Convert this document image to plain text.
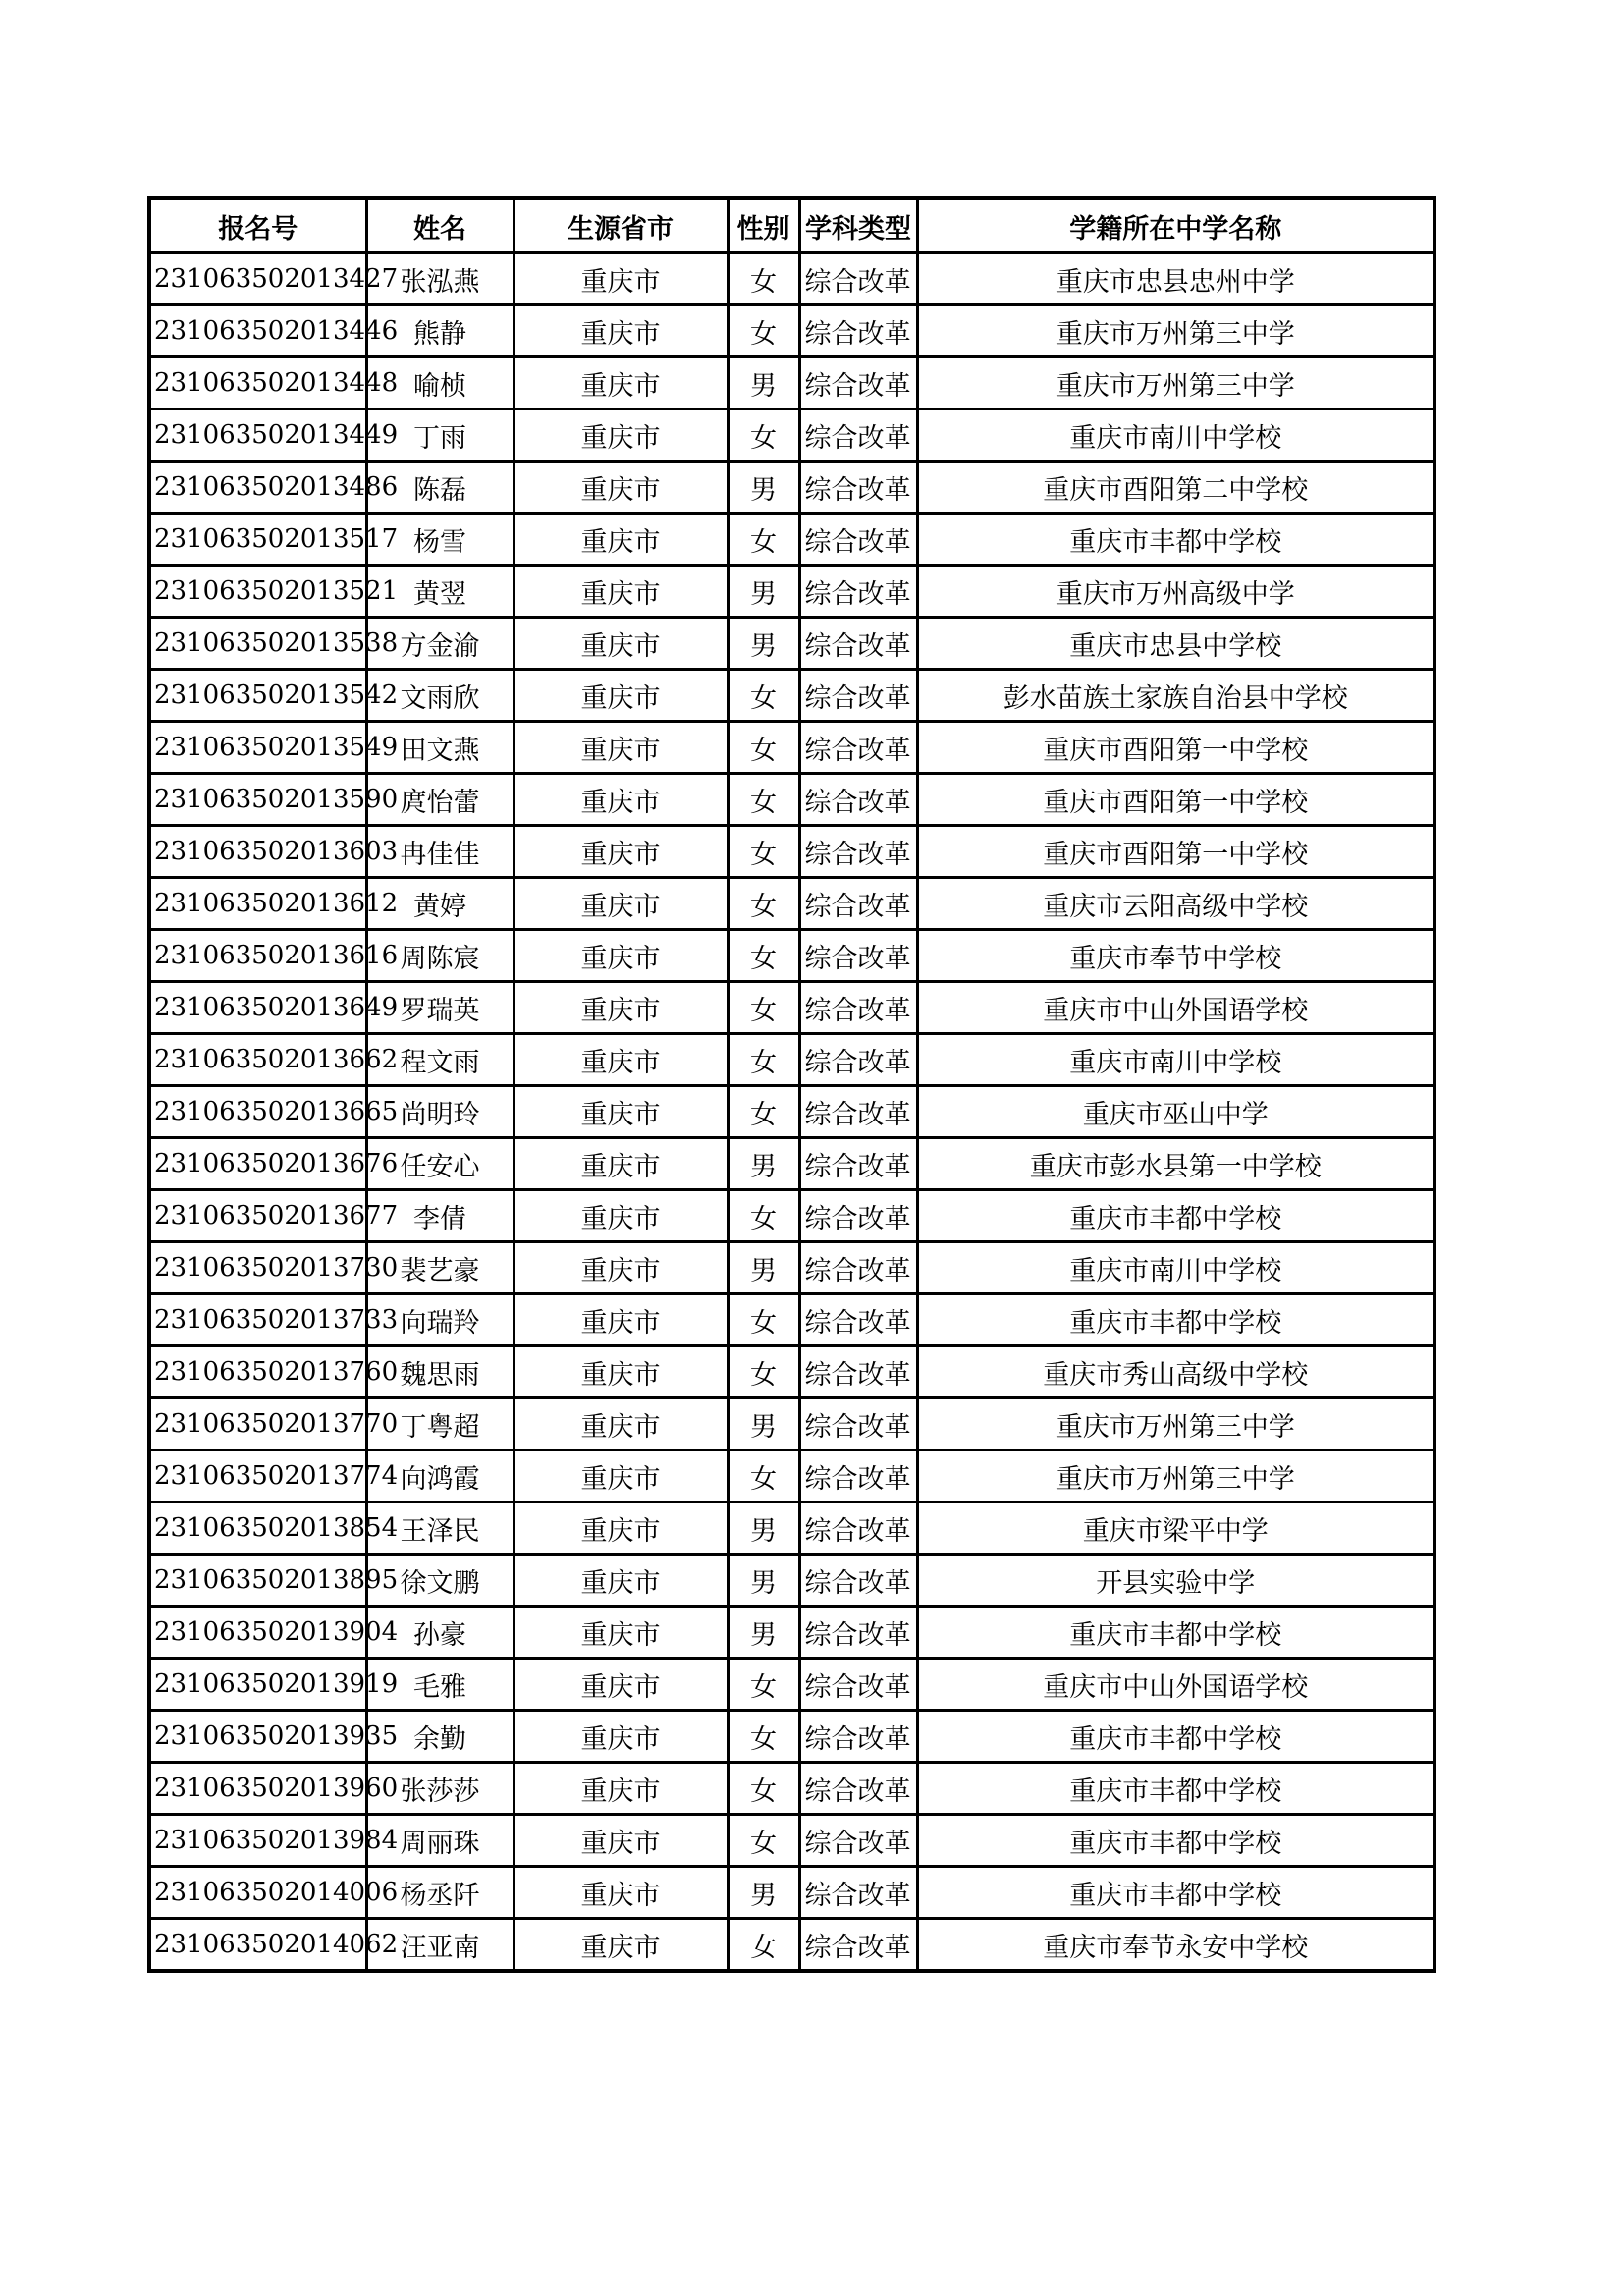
报名号	姓名	生源省市	性别	学科类型	学籍所在中学名称
231063502013427	张泓燕	重庆市	女	综合改革	重庆市忠县忠州中学
231063502013446	熊静	重庆市	女	综合改革	重庆市万州第三中学
231063502013448	喻桢	重庆市	男	综合改革	重庆市万州第三中学
231063502013449	丁雨	重庆市	女	综合改革	重庆市南川中学校
231063502013486	陈磊	重庆市	男	综合改革	重庆市酉阳第二中学校
231063502013517	杨雪	重庆市	女	综合改革	重庆市丰都中学校
231063502013521	黄翌	重庆市	男	综合改革	重庆市万州高级中学
231063502013538	方金渝	重庆市	男	综合改革	重庆市忠县中学校
231063502013542	文雨欣	重庆市	女	综合改革	彭水苗族土家族自治县中学校
231063502013549	田文燕	重庆市	女	综合改革	重庆市酉阳第一中学校
231063502013590	庹怡蕾	重庆市	女	综合改革	重庆市酉阳第一中学校
231063502013603	冉佳佳	重庆市	女	综合改革	重庆市酉阳第一中学校
231063502013612	黄婷	重庆市	女	综合改革	重庆市云阳高级中学校
231063502013616	周陈宸	重庆市	女	综合改革	重庆市奉节中学校
231063502013649	罗瑞英	重庆市	女	综合改革	重庆市中山外国语学校
231063502013662	程文雨	重庆市	女	综合改革	重庆市南川中学校
231063502013665	尚明玲	重庆市	女	综合改革	重庆市巫山中学
231063502013676	任安心	重庆市	男	综合改革	重庆市彭水县第一中学校
231063502013677	李倩	重庆市	女	综合改革	重庆市丰都中学校
231063502013730	裴艺豪	重庆市	男	综合改革	重庆市南川中学校
231063502013733	向瑞羚	重庆市	女	综合改革	重庆市丰都中学校
231063502013760	魏思雨	重庆市	女	综合改革	重庆市秀山高级中学校
231063502013770	丁粤超	重庆市	男	综合改革	重庆市万州第三中学
231063502013774	向鸿霞	重庆市	女	综合改革	重庆市万州第三中学
231063502013854	王泽民	重庆市	男	综合改革	重庆市梁平中学
231063502013895	徐文鹏	重庆市	男	综合改革	开县实验中学
231063502013904	孙豪	重庆市	男	综合改革	重庆市丰都中学校
231063502013919	毛雅	重庆市	女	综合改革	重庆市中山外国语学校
231063502013935	余勤	重庆市	女	综合改革	重庆市丰都中学校
231063502013960	张莎莎	重庆市	女	综合改革	重庆市丰都中学校
231063502013984	周丽珠	重庆市	女	综合改革	重庆市丰都中学校
231063502014006	杨丞阡	重庆市	男	综合改革	重庆市丰都中学校
231063502014062	汪亚南	重庆市	女	综合改革	重庆市奉节永安中学校
